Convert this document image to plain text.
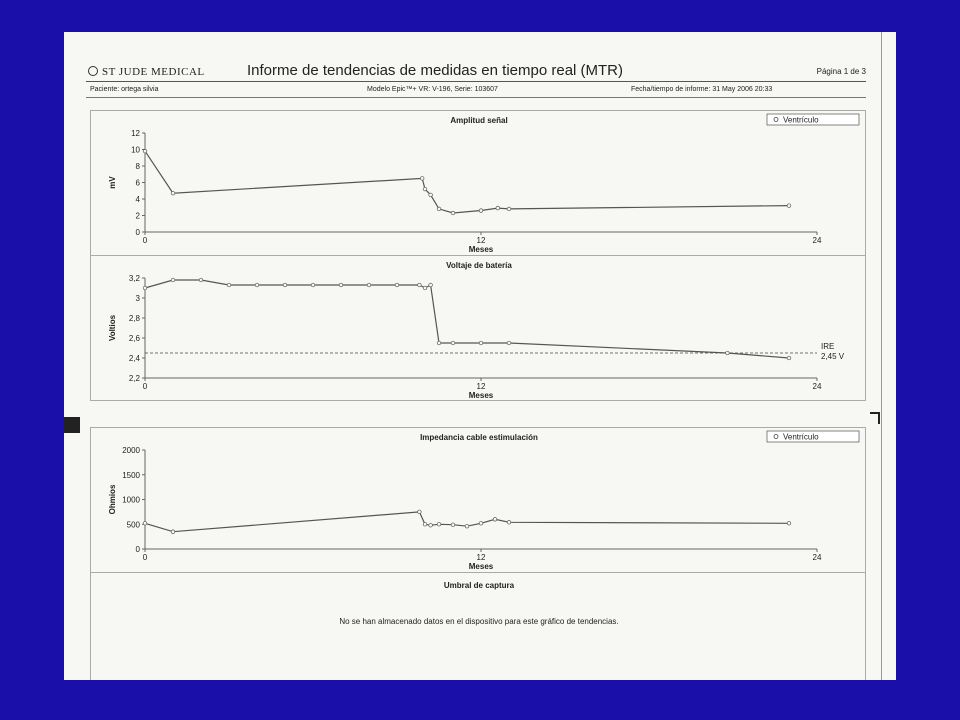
ST JUDE MEDICAL	Informe de tendencias de medidas en tiempo real (MTR)	Página 1 de 3
Paciente: ortega silvia	Modelo Epic™+ VR: V-196, Serie: 103607	Fecha/tiempo de informe: 31 May 2006 20:33
Amplitud señal
0
2
4
6
8
10
12
0	12	24
Meses
mV
Ventrículo
Voltaje de batería
2,2
2,4
2,6
2,8
3
3,2
0	12	24
Meses
Voltios
IRE
2,45 V
Impedancia cable estimulación
0
500
1000
1500
2000
0	12	24
Meses
Ohmios
Ventrículo
Umbral de captura
No se han almacenado datos en el dispositivo para este gráfico de tendencias.
